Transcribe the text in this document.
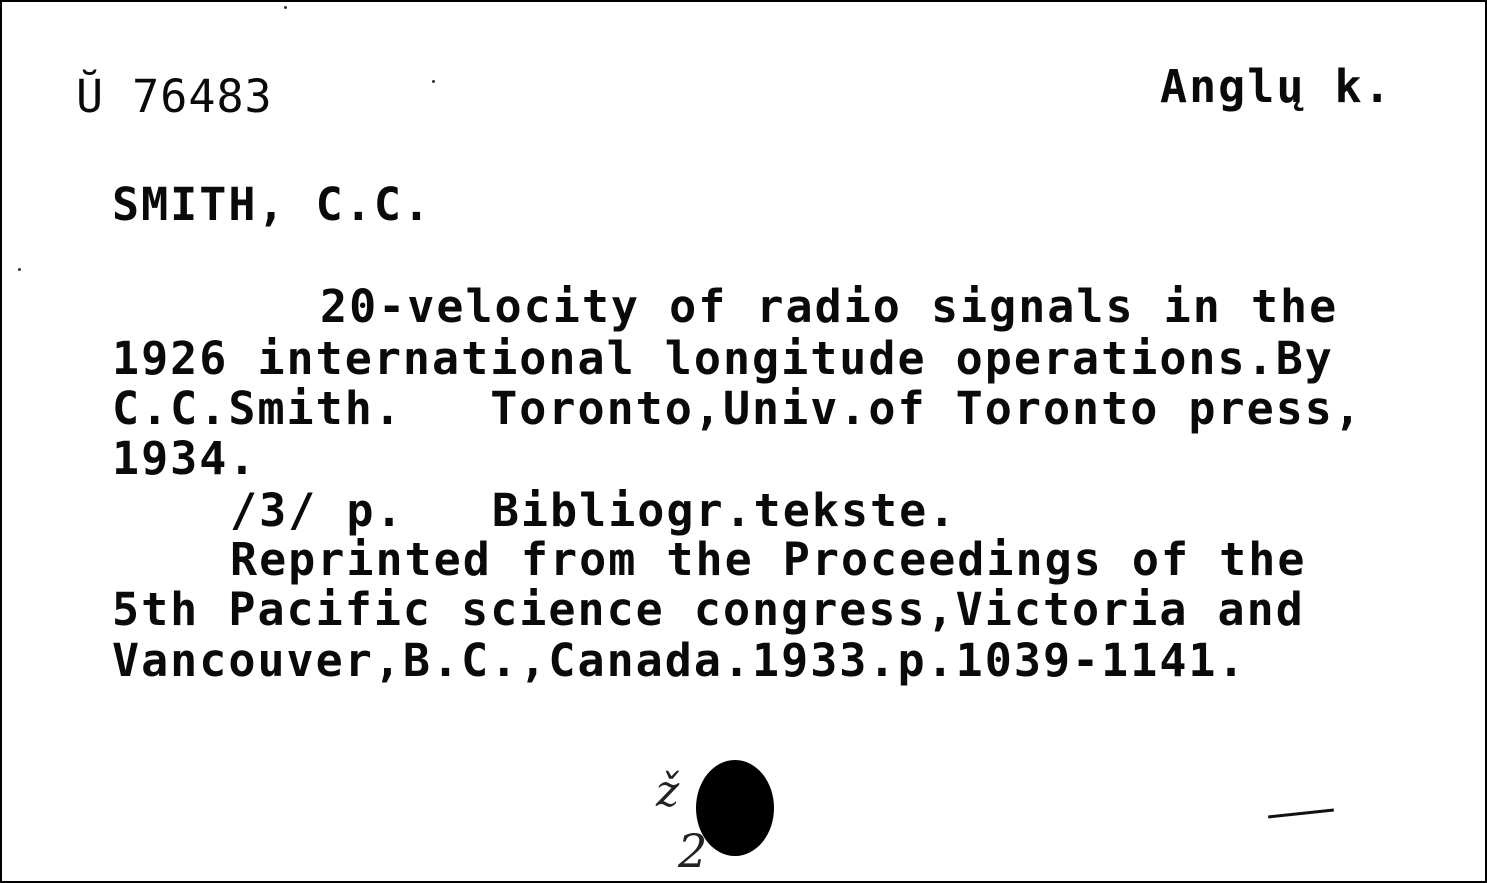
Ŭ 76483	Anglų k.
SMITH, C.C.
20-velocity of radio signals in the
1926 international longitude operations.By
C.C.Smith.   Toronto,Univ.of Toronto press,
1934.
/3/ p.   Bibliogr.tekste.
Reprinted from the Proceedings of the
5th Pacific science congress,Victoria and
Vancouver,B.C.,Canada.1933.p.1039-1141.
ž
2
